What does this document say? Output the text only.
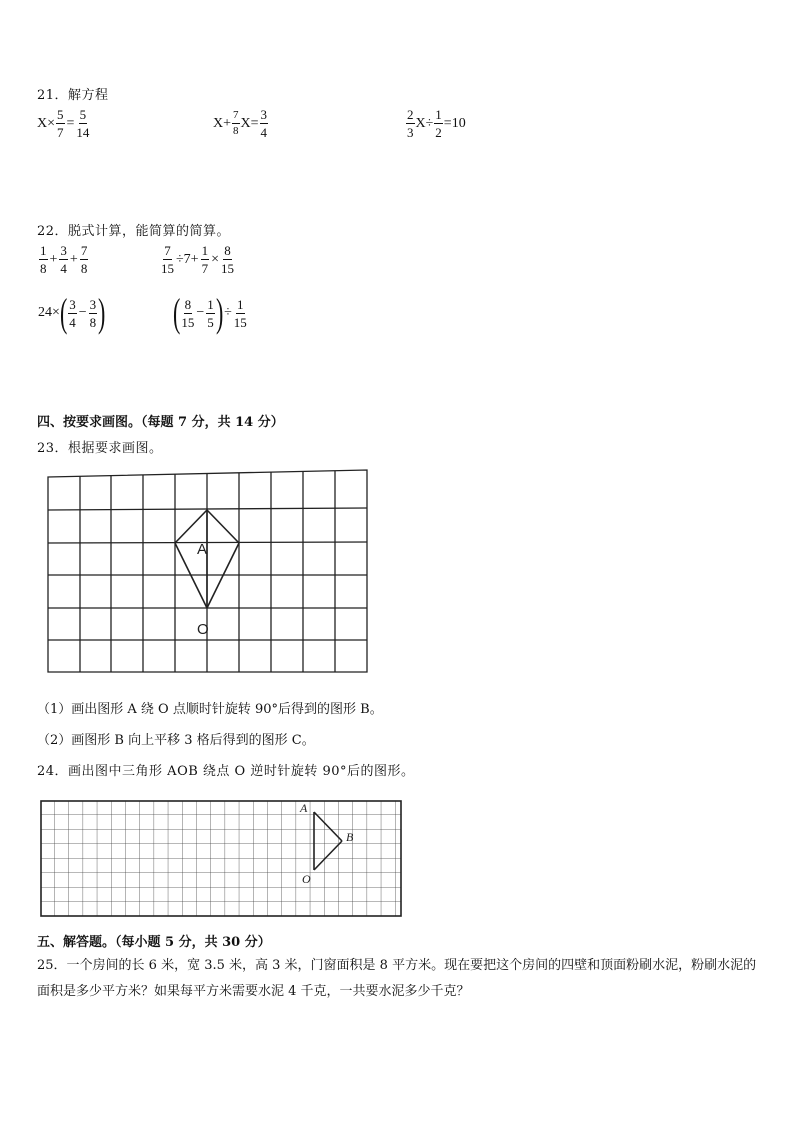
21．解方程
$X\times \frac{5}{7} = \frac{5}{14}$	$X+ \frac{7}{8} X= \frac{3}{4}$	$\frac{2}{3} X\div \frac{1}{2} =10$
22．脱式计算，能简算的简算。
$\frac{1}{8} + \frac{3}{4} + \frac{7}{8}$	$\frac{7}{15} \div 7+ \frac{1}{7} \times \frac{8}{15}$
24× ( $\frac{3}{4} - \frac{3}{8}$ ) ( $\frac{8}{15} - \frac{1}{5}$ ) ÷ $\frac{1}{15}$
四、按要求画图。（每题 7 分，共 14 分）
23．根据要求画图。
A
O
（1）画出图形 A 绕 O 点顺时针旋转 90°后得到的图形 B。
（2）画图形 B 向上平移 3 格后得到的图形 C。
24．画出图中三角形 AOB 绕点 O 逆时针旋转 90°后的图形。
A
B
O
五、解答题。（每小题 5 分，共 30 分）
25．一个房间的长 6 米，宽 3.5 米，高 3 米，门窗面积是 8 平方米。现在要把这个房间的四壁和顶面粉刷水泥，粉刷水泥的面积是多少平方米？如果每平方米需要水泥 4 千克，一共要水泥多少千克？
